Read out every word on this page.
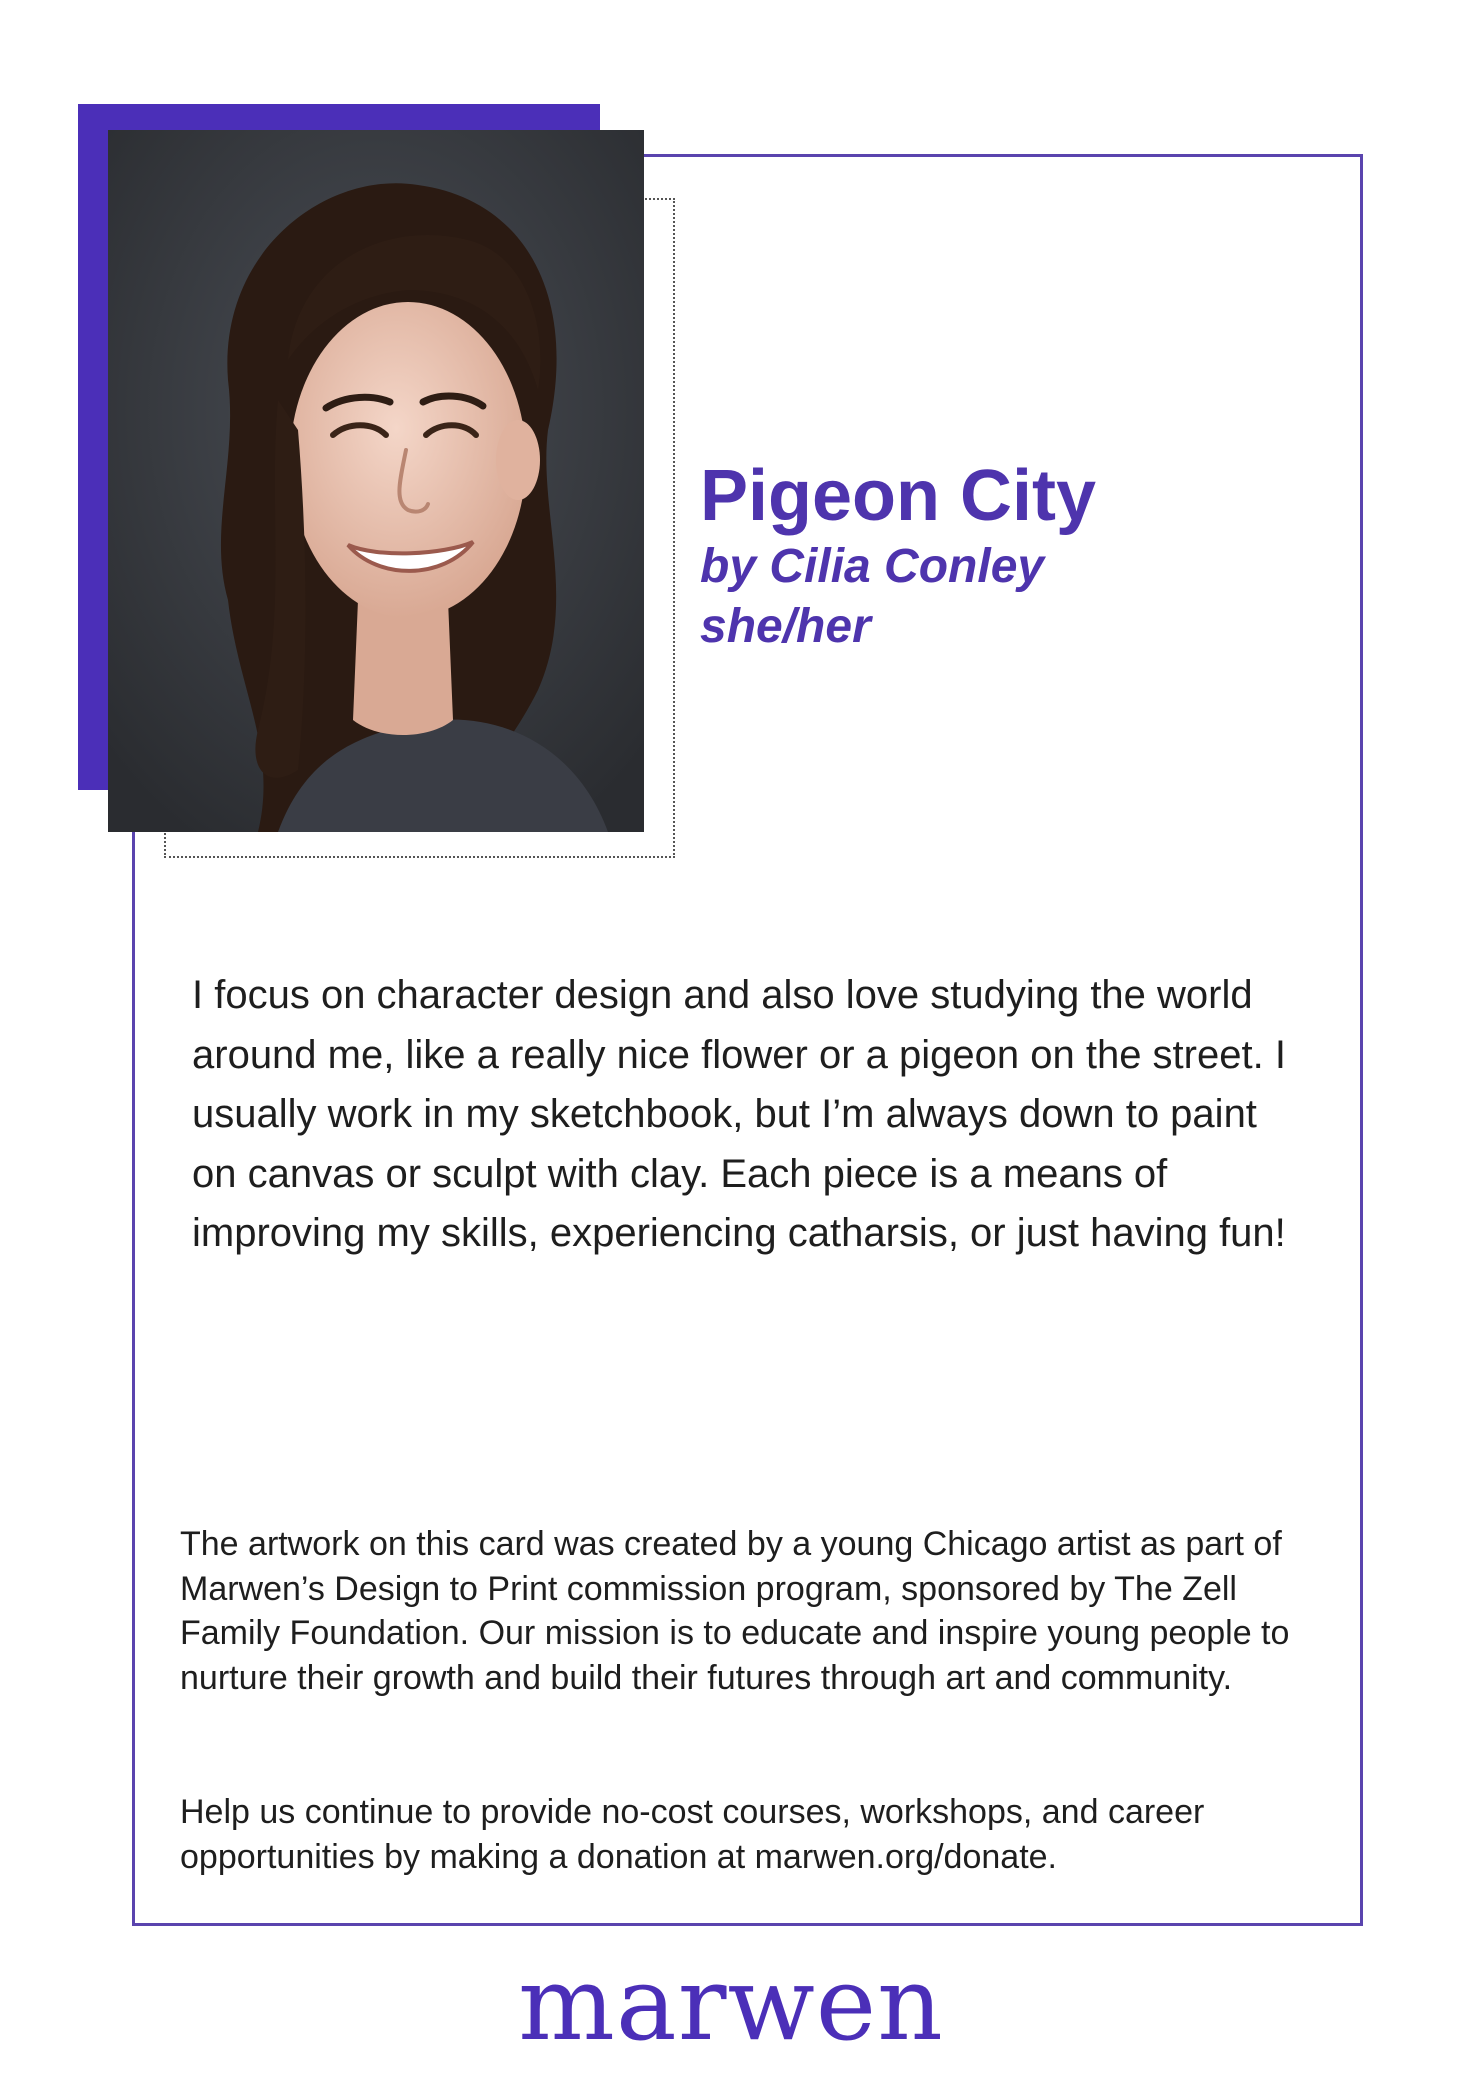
Pigeon City
by Cilia Conley
she/her

I focus on character design and also love studying the world around me, like a really nice flower or a pigeon on the street. I usually work in my sketchbook, but I’m always down to paint on canvas or sculpt with clay. Each piece is a means of improving my skills, experiencing catharsis, or just having fun!

The artwork on this card was created by a young Chicago artist as part of Marwen’s Design to Print commission program, sponsored by The Zell Family Foundation. Our mission is to educate and inspire young people to nurture their growth and build their futures through art and community.

Help us continue to provide no-cost courses, workshops, and career opportunities by making a donation at marwen.org/donate.

marwen
